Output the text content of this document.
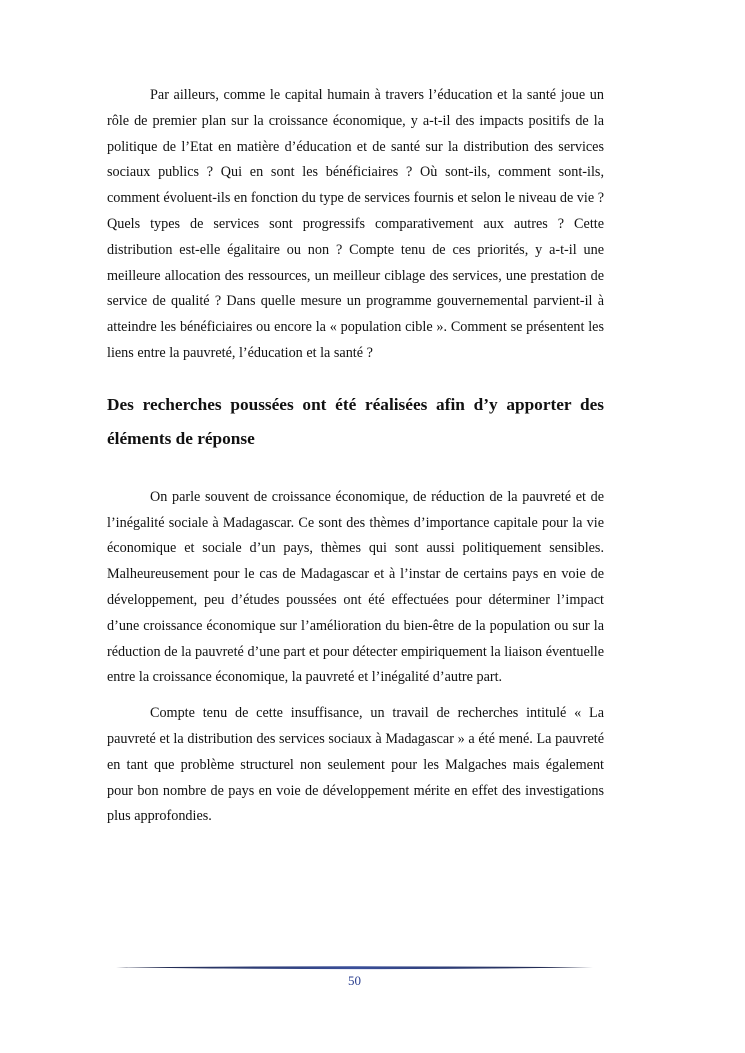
Par ailleurs, comme le capital humain à travers l’éducation et la santé joue un rôle de premier plan sur la croissance économique, y a-t-il des impacts positifs de la politique de l’Etat en matière d’éducation et de santé sur la distribution des services sociaux publics ? Qui en sont les bénéficiaires ? Où sont-ils, comment sont-ils, comment évoluent-ils en fonction du type de services fournis et selon le niveau de vie ? Quels types de services sont progressifs comparativement aux autres ? Cette distribution est-elle égalitaire ou non ? Compte tenu de ces priorités, y a-t-il une meilleure allocation des ressources, un meilleur ciblage des services, une prestation de service de qualité ? Dans quelle mesure un programme gouvernemental parvient-il à atteindre les bénéficiaires ou encore la « population cible ». Comment se présentent les liens entre la pauvreté, l’éducation et la santé ?

Des recherches poussées ont été réalisées afin d’y apporter des éléments de réponse

On parle souvent de croissance économique, de réduction de la pauvreté et de l’inégalité sociale à Madagascar. Ce sont des thèmes d’importance capitale pour la vie économique et sociale d’un pays, thèmes qui sont aussi politiquement sensibles. Malheureusement pour le cas de Madagascar et à l’instar de certains pays en voie de développement, peu d’études poussées ont été effectuées pour déterminer l’impact d’une croissance économique sur l’amélioration du bien-être de la population ou sur la réduction de la pauvreté d’une part et pour détecter empiriquement la liaison éventuelle entre la croissance économique, la pauvreté et l’inégalité d’autre part.

Compte tenu de cette insuffisance, un travail de recherches intitulé « La pauvreté et la distribution des services sociaux à Madagascar » a été mené. La pauvreté en tant que problème structurel non seulement pour les Malgaches mais également pour bon nombre de pays en voie de développement mérite en effet des investigations plus approfondies.

50
